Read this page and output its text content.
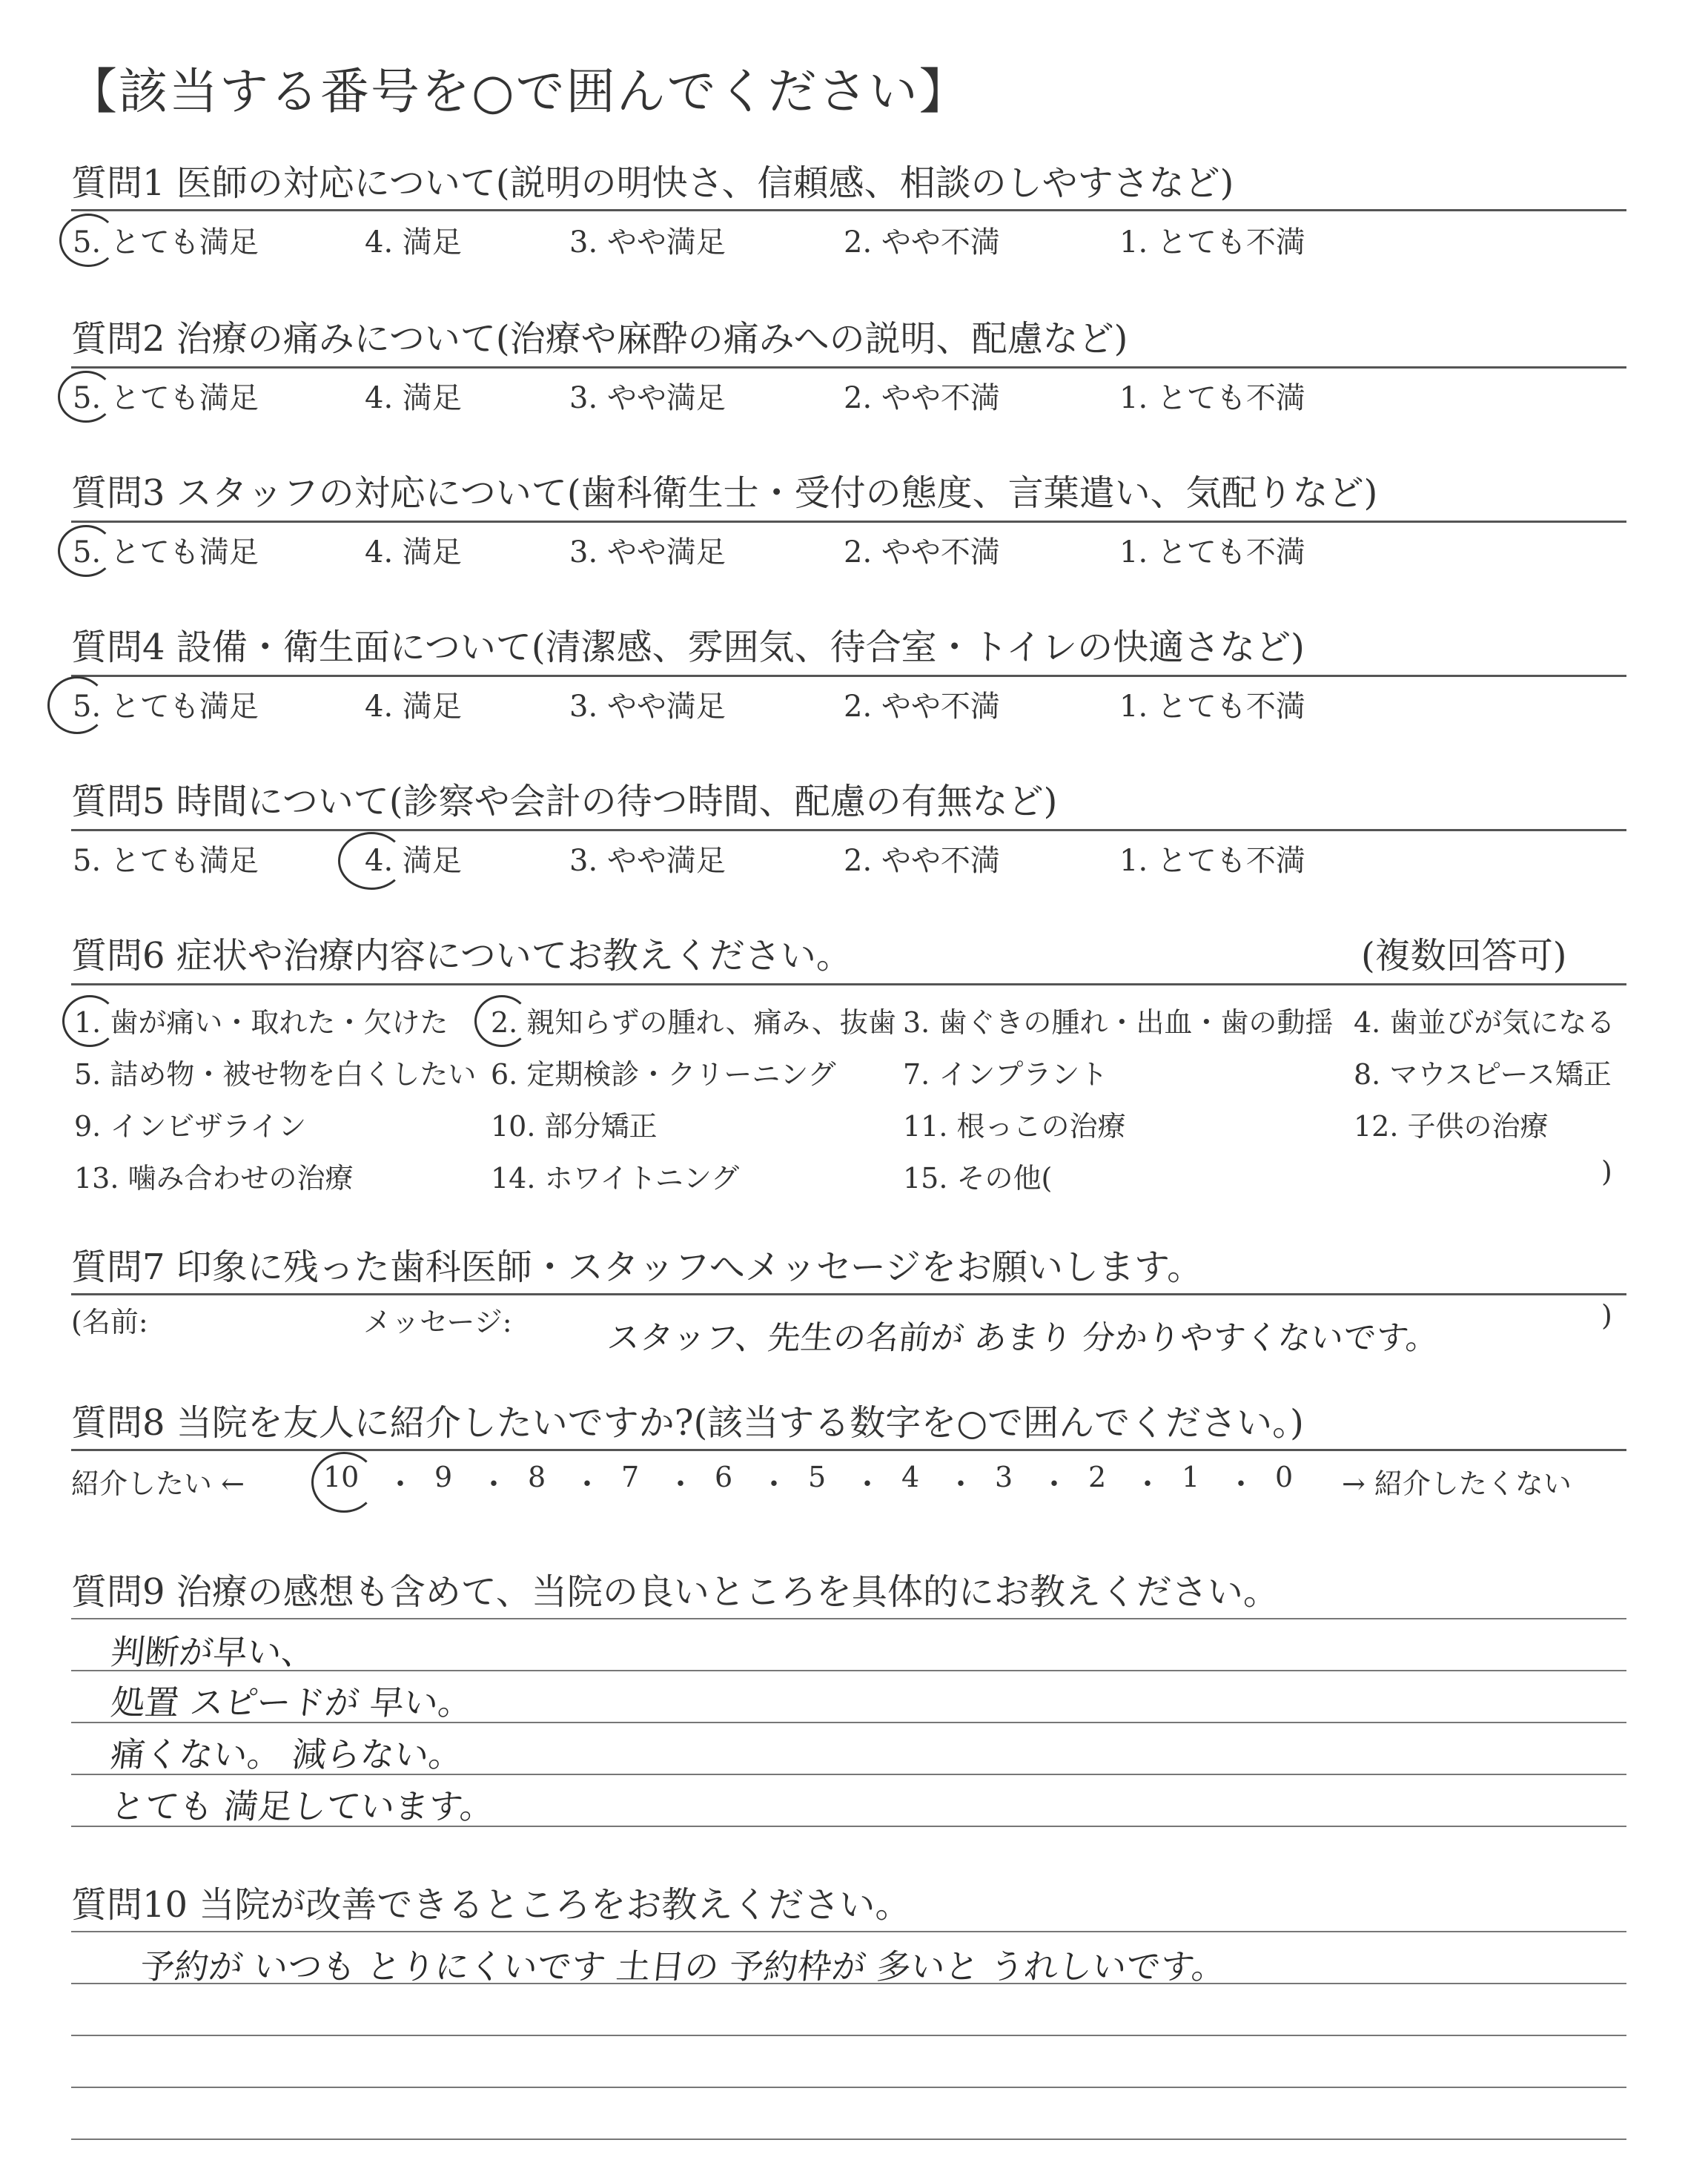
【該当する番号を○で囲んでください】
質問1 医師の対応について(説明の明快さ、信頼感、相談のしやすさなど)
5. とても満足	4. 満足	3. やや満足	2. やや不満	1. とても不満
質問2 治療の痛みについて(治療や麻酔の痛みへの説明、配慮など)
5. とても満足	4. 満足	3. やや満足	2. やや不満	1. とても不満
質問3 スタッフの対応について(歯科衛生士・受付の態度、言葉遣い、気配りなど)
5. とても満足	4. 満足	3. やや満足	2. やや不満	1. とても不満
質問4 設備・衛生面について(清潔感、雰囲気、待合室・トイレの快適さなど)
5. とても満足	4. 満足	3. やや満足	2. やや不満	1. とても不満
質問5 時間について(診察や会計の待つ時間、配慮の有無など)
5. とても満足	4. 満足	3. やや満足	2. やや不満	1. とても不満
質問6 症状や治療内容についてお教えください。	(複数回答可)
1. 歯が痛い・取れた・欠けた 2. 親知らずの腫れ、痛み、抜歯 3. 歯ぐきの腫れ・出血・歯の動揺 4. 歯並びが気になる
5. 詰め物・被せ物を白くしたい 6. 定期検診・クリーニング 7. インプラント	8. マウスピース矯正
9. インビザライン	10. 部分矯正	11. 根っこの治療	12. 子供の治療
13. 噛み合わせの治療	14. ホワイトニング	15. その他(	)
質問7 印象に残った歯科医師・スタッフへメッセージをお願いします。
(名前:	メッセージ:	スタッフ、先生の名前が あまり 分かりやすくないです。
)
質問8 当院を友人に紹介したいですか?(該当する数字を○で囲んでください。)
紹介したい ←	→ 紹介したくない
10 ・ 9 ・ 8 ・ 7 ・ 6 ・ 5 ・ 4 ・ 3 ・ 2 ・ 1 ・ 0
質問9 治療の感想も含めて、当院の良いところを具体的にお教えください。
判断が早い、
処置 スピードが 早い。
痛くない。 減らない。
とても 満足しています。
質問10 当院が改善できるところをお教えください。
予約が いつも とりにくいです 土日の 予約枠が 多いと うれしいです。
